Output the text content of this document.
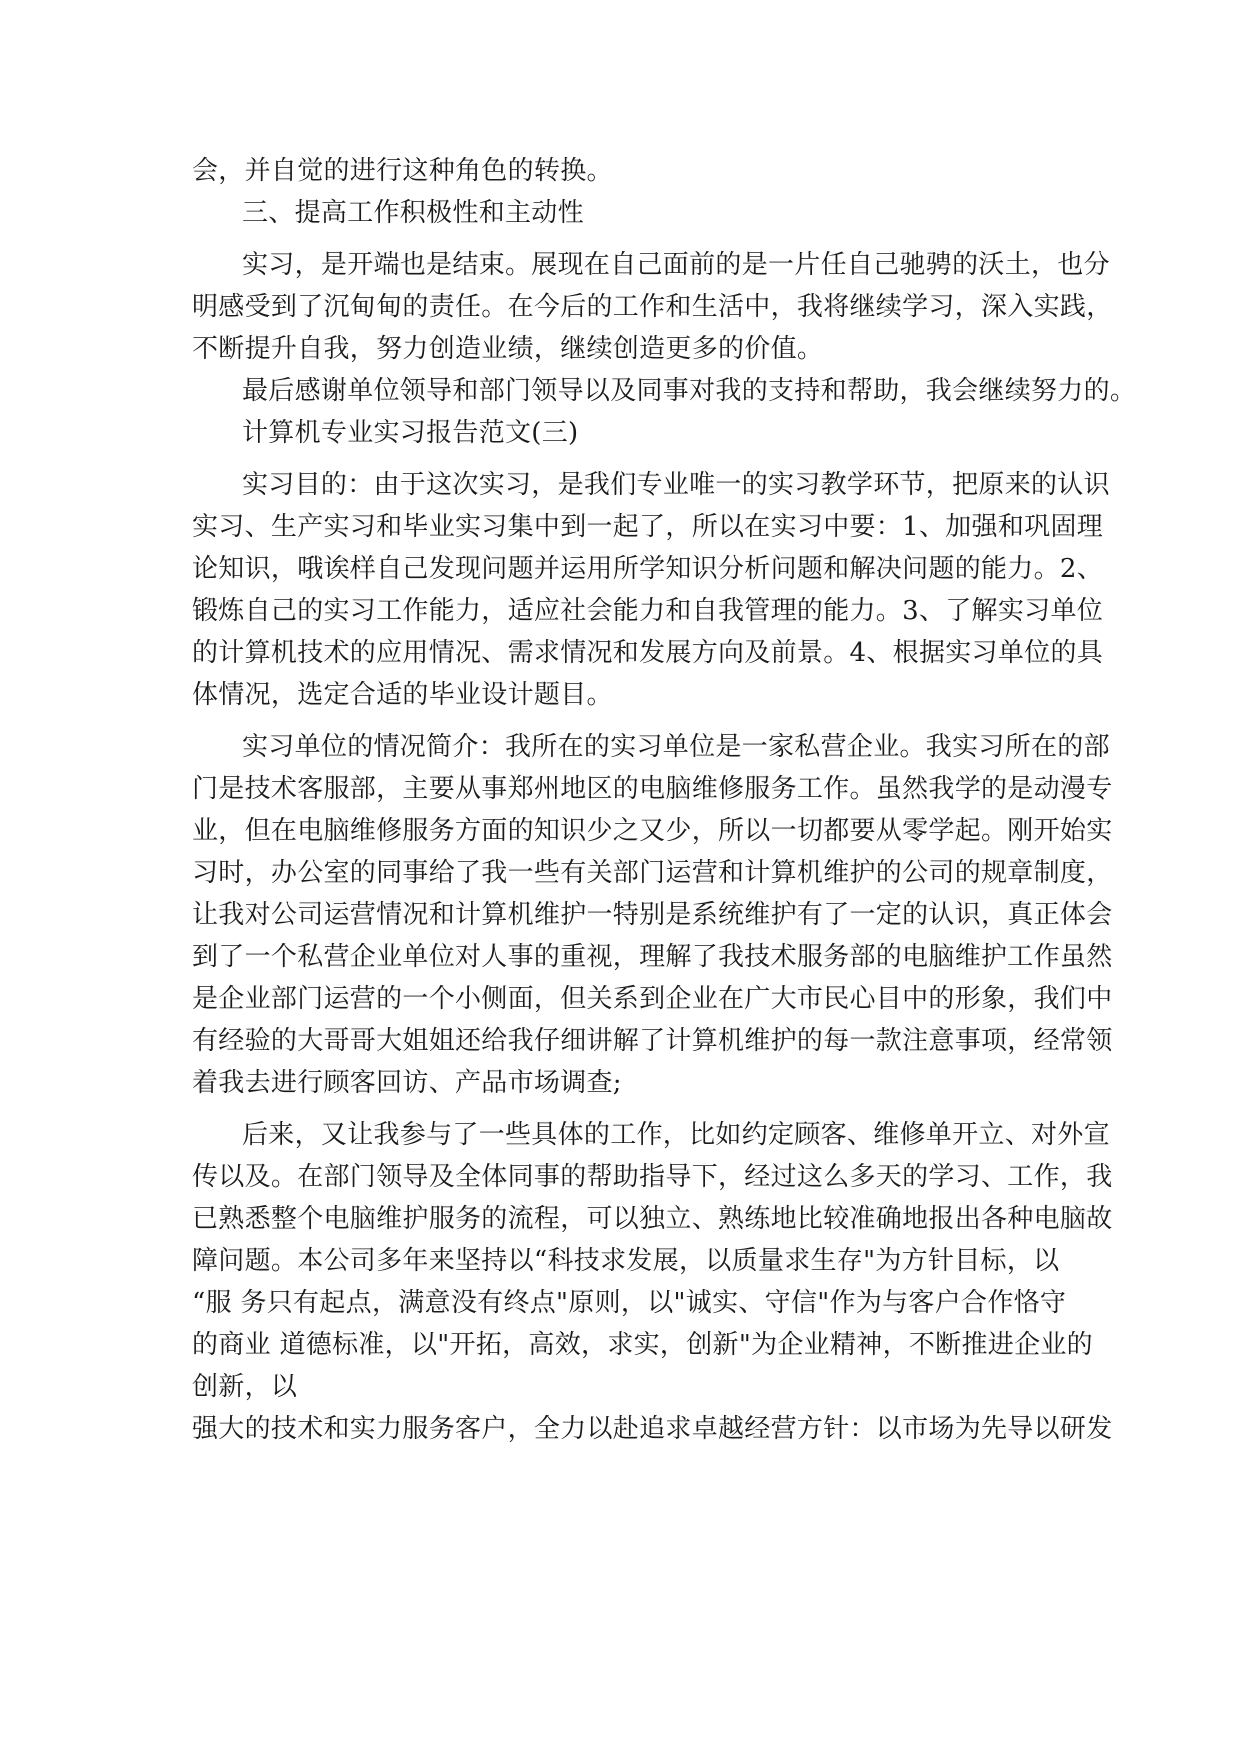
会，并自觉的进行这种角色的转换。
三、提高工作积极性和主动性
实习，是开端也是结束。展现在自己面前的是一片任自己驰骋的沃土，也分
明感受到了沉甸甸的责任。在今后的工作和生活中，我将继续学习，深入实践，
不断提升自我，努力创造业绩，继续创造更多的价值。
最后感谢单位领导和部门领导以及同事对我的支持和帮助，我会继续努力的。
计算机专业实习报告范文(三)
实习目的：由于这次实习，是我们专业唯一的实习教学环节，把原来的认识
实习、生产实习和毕业实习集中到一起了，所以在实习中要：1、加强和巩固理
论知识，哦诶样自己发现问题并运用所学知识分析问题和解决问题的能力。2、
锻炼自己的实习工作能力，适应社会能力和自我管理的能力。3、了解实习单位
的计算机技术的应用情况、需求情况和发展方向及前景。4、根据实习单位的具
体情况，选定合适的毕业设计题目。
实习单位的情况简介：我所在的实习单位是一家私营企业。我实习所在的部
门是技术客服部，主要从事郑州地区的电脑维修服务工作。虽然我学的是动漫专
业，但在电脑维修服务方面的知识少之又少，所以一切都要从零学起。刚开始实
习时，办公室的同事给了我一些有关部门运营和计算机维护的公司的规章制度，
让我对公司运营情况和计算机维护一特别是系统维护有了一定的认识，真正体会
到了一个私营企业单位对人事的重视，理解了我技术服务部的电脑维护工作虽然
是企业部门运营的一个小侧面，但关系到企业在广大市民心目中的形象，我们中
有经验的大哥哥大姐姐还给我仔细讲解了计算机维护的每一款注意事项，经常领
着我去进行顾客回访、产品市场调查;
后来，又让我参与了一些具体的工作，比如约定顾客、维修单开立、对外宣
传以及。在部门领导及全体同事的帮助指导下，经过这么多天的学习、工作，我
已熟悉整个电脑维护服务的流程，可以独立、熟练地比较准确地报出各种电脑故
障问题。本公司多年来坚持以“科技求发展，以质量求生存"为方针目标，以
“服 务只有起点，满意没有终点"原则，以"诚实、守信"作为与客户合作恪守
的商业 道德标准，以"开拓，高效，求实，创新"为企业精神，不断推进企业的
创新，以
强大的技术和实力服务客户，全力以赴追求卓越经营方针：以市场为先导以研发
